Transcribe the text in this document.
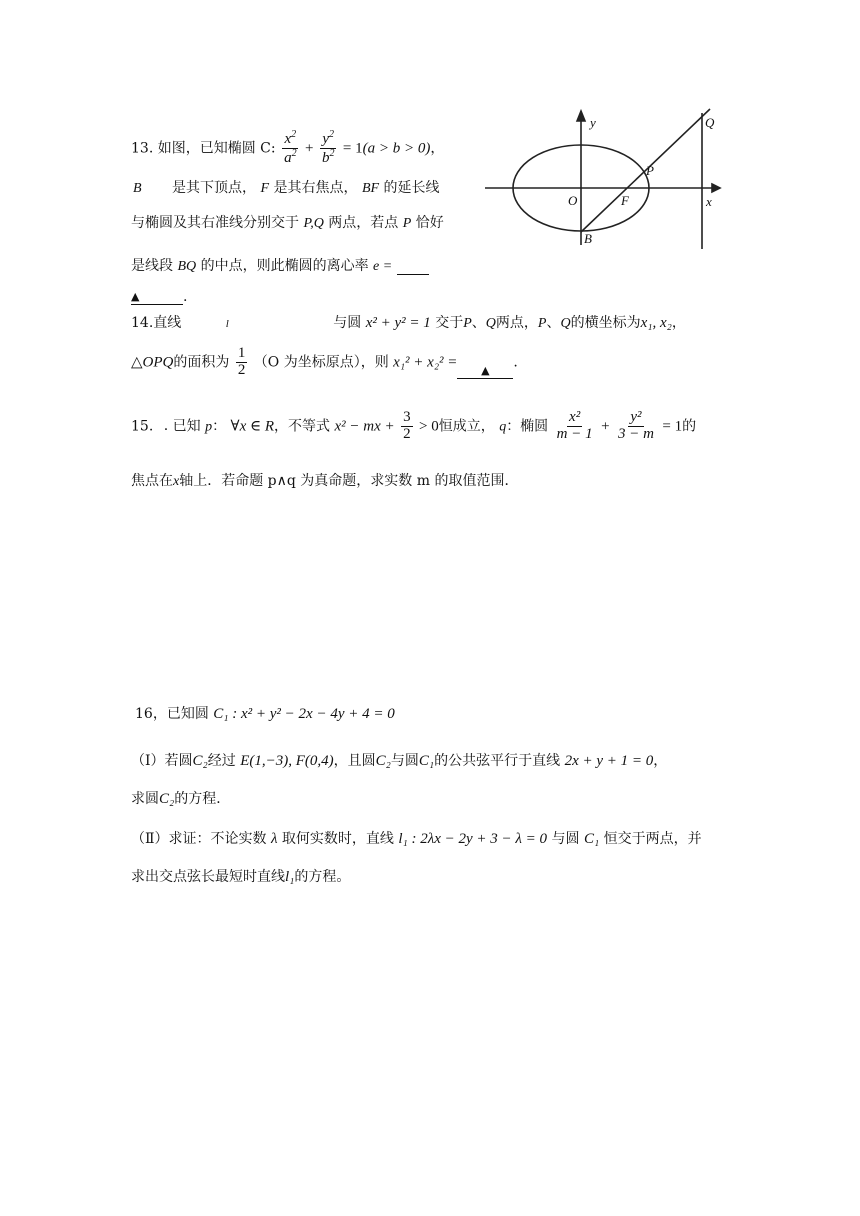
13. 如图，已知椭圆 C: $\frac{x^2}{a^2} + \frac{y^2}{b^2} = 1(a > b > 0)$，
B 是其下顶点， F 是其右焦点， BF 的延长线
与椭圆及其右准线分别交于 P,Q 两点，若点 P 恰好
是线段 BQ 的中点，则此椭圆的离心率 e =
▲	.
y
x
O	F
P
Q
B
14.直线	l	与圆 x² + y² = 1 交于P、Q两点，P、Q的横坐标为x₁, x₂，
△OPQ的面积为 $\frac{1}{2} (O$ 为坐标原点），则 x₁² + x₂² = ▲ .
15. . 已知 p： ∀x ∈ R，不等式 x² − mx + $\frac{3}{2} > 0$恒成立， q：椭圆 $\frac{\text{x²}}{m - 1} + \frac{\text{y²}}{3 - m} = 1$的
焦点在x轴上．若命题 p∧q 为真命题，求实数 m 的取值范围．
16，已知圆 C₁ : x² + y² − 2x − 4y + 4 = 0
（Ⅰ）若圆C₂经过 E(1,−3), F(0,4)，且圆C₂与圆C₁的公共弦平行于直线 2x + y + 1 = 0，
求圆C₂的方程．
（Ⅱ）求证：不论实数 λ 取何实数时，直线 l₁ : 2λx − 2y + 3 − λ = 0 与圆 C₁ 恒交于两点，并
求出交点弦长最短时直线l₁的方程。
